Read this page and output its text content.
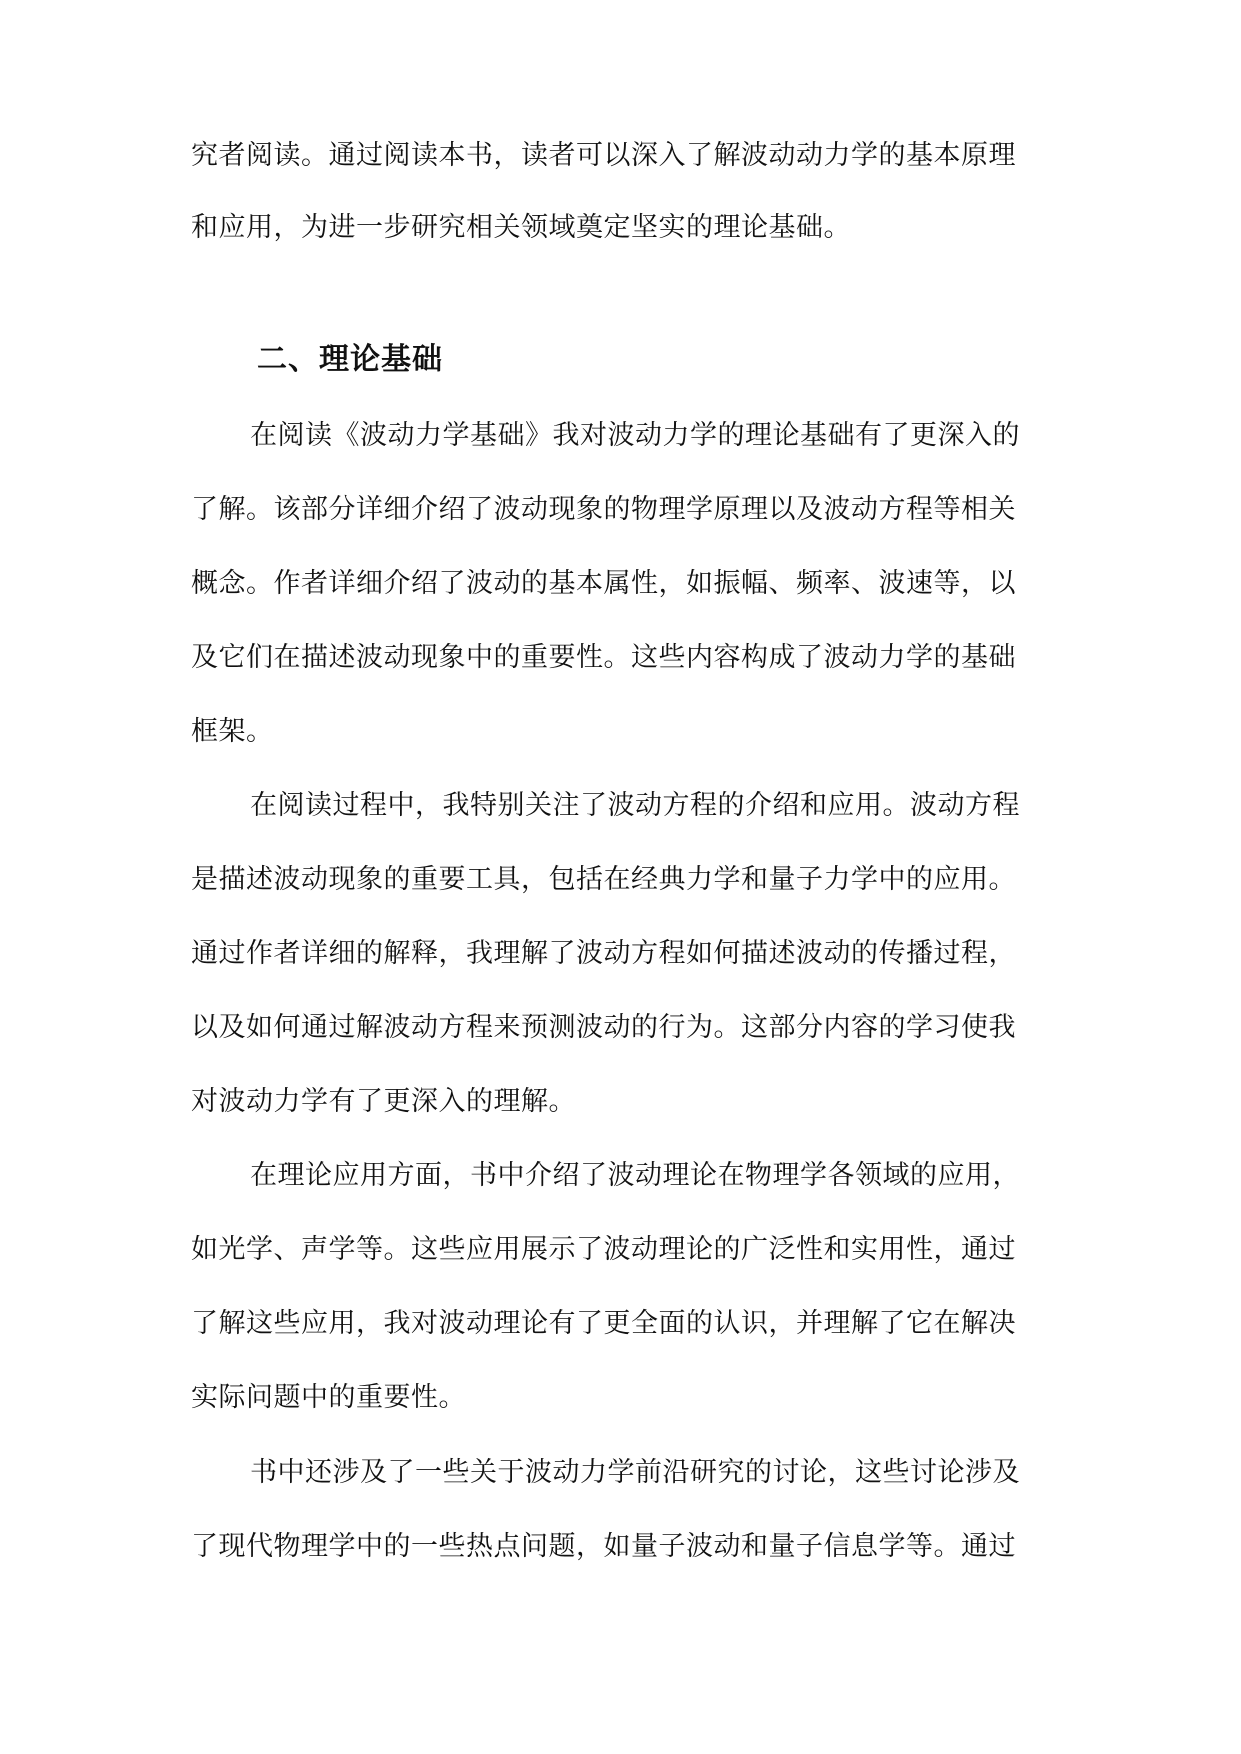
究者阅读。通过阅读本书，读者可以深入了解波动动力学的基本原理
和应用，为进一步研究相关领域奠定坚实的理论基础。
二、理论基础
在阅读《波动力学基础》我对波动力学的理论基础有了更深入的
了解。该部分详细介绍了波动现象的物理学原理以及波动方程等相关
概念。作者详细介绍了波动的基本属性，如振幅、频率、波速等，以
及它们在描述波动现象中的重要性。这些内容构成了波动力学的基础
框架。
在阅读过程中，我特别关注了波动方程的介绍和应用。波动方程
是描述波动现象的重要工具，包括在经典力学和量子力学中的应用。
通过作者详细的解释，我理解了波动方程如何描述波动的传播过程，
以及如何通过解波动方程来预测波动的行为。这部分内容的学习使我
对波动力学有了更深入的理解。
在理论应用方面，书中介绍了波动理论在物理学各领域的应用，
如光学、声学等。这些应用展示了波动理论的广泛性和实用性，通过
了解这些应用，我对波动理论有了更全面的认识，并理解了它在解决
实际问题中的重要性。
书中还涉及了一些关于波动力学前沿研究的讨论，这些讨论涉及
了现代物理学中的一些热点问题，如量子波动和量子信息学等。通过
